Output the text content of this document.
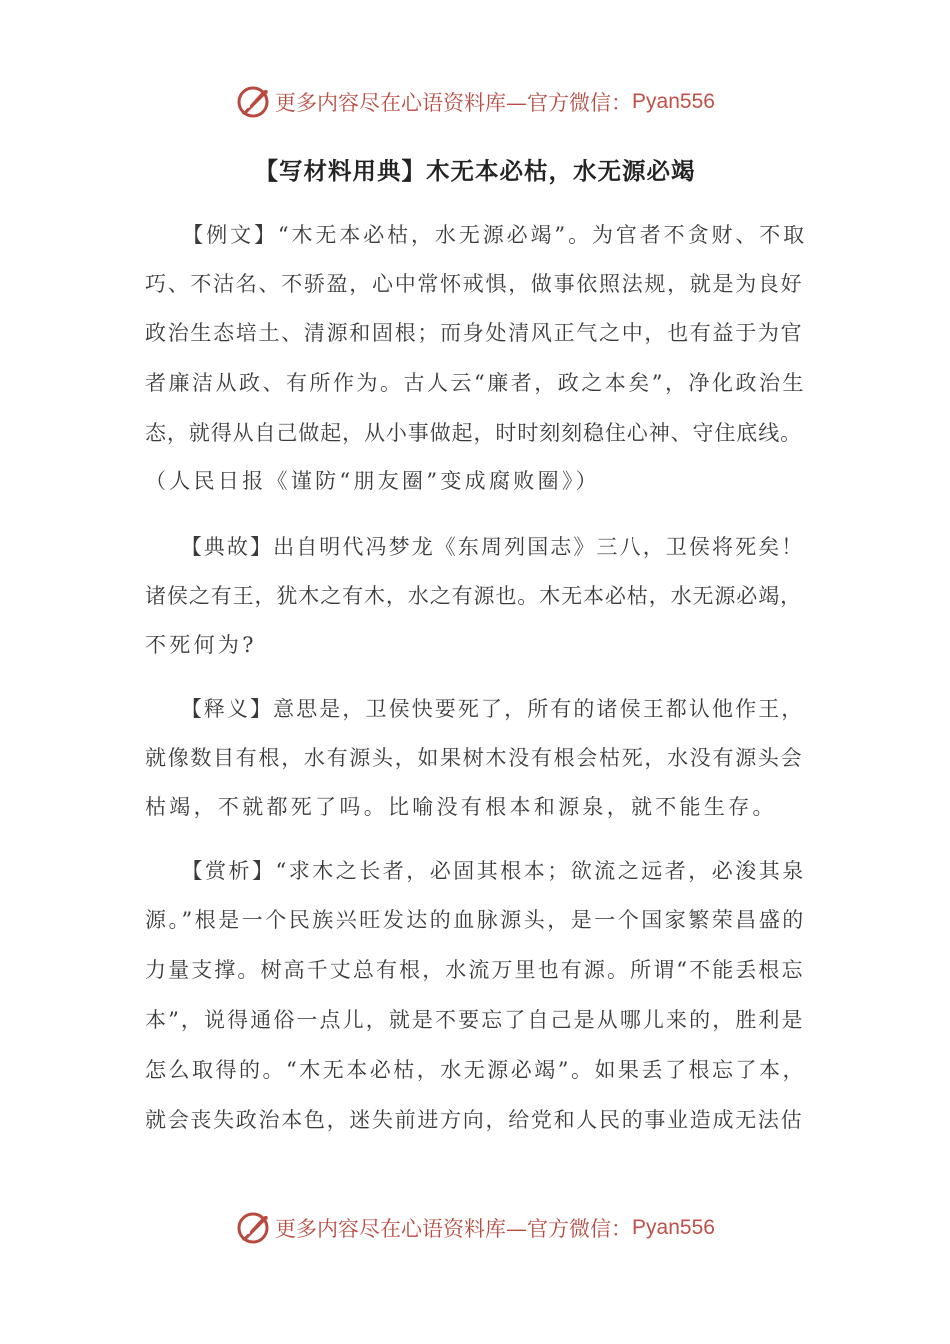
更多内容尽在心语资料库—官方微信： Pyan556
【写材料用典】木无本必枯，水无源必竭
　　【例文】“木无本必枯，水无源必竭”。为官者不贪财、不取
巧、不沽名、不骄盈，心中常怀戒惧，做事依照法规，就是为良好
政治生态培土、清源和固根；而身处清风正气之中，也有益于为官
者廉洁从政、有所作为。古人云“廉者，政之本矣”，净化政治生
态，就得从自己做起，从小事做起，时时刻刻稳住心神、守住底线。
（人民日报《谨防“朋友圈”变成腐败圈》）
　　【典故】出自明代冯梦龙《东周列国志》三八，卫侯将死矣！
诸侯之有王，犹木之有木，水之有源也。木无本必枯，水无源必竭，
不死何为?
　　【释义】意思是，卫侯快要死了，所有的诸侯王都认他作王，
就像数目有根，水有源头，如果树木没有根会枯死，水没有源头会
枯竭，不就都死了吗。比喻没有根本和源泉，就不能生存。
　　【赏析】“求木之长者，必固其根本；欲流之远者，必浚其泉
源。”根是一个民族兴旺发达的血脉源头，是一个国家繁荣昌盛的
力量支撑。树高千丈总有根，水流万里也有源。所谓“不能丢根忘
本”，说得通俗一点儿，就是不要忘了自己是从哪儿来的，胜利是
怎么取得的。“木无本必枯，水无源必竭”。如果丢了根忘了本，
就会丧失政治本色，迷失前进方向，给党和人民的事业造成无法估
更多内容尽在心语资料库—官方微信： Pyan556
